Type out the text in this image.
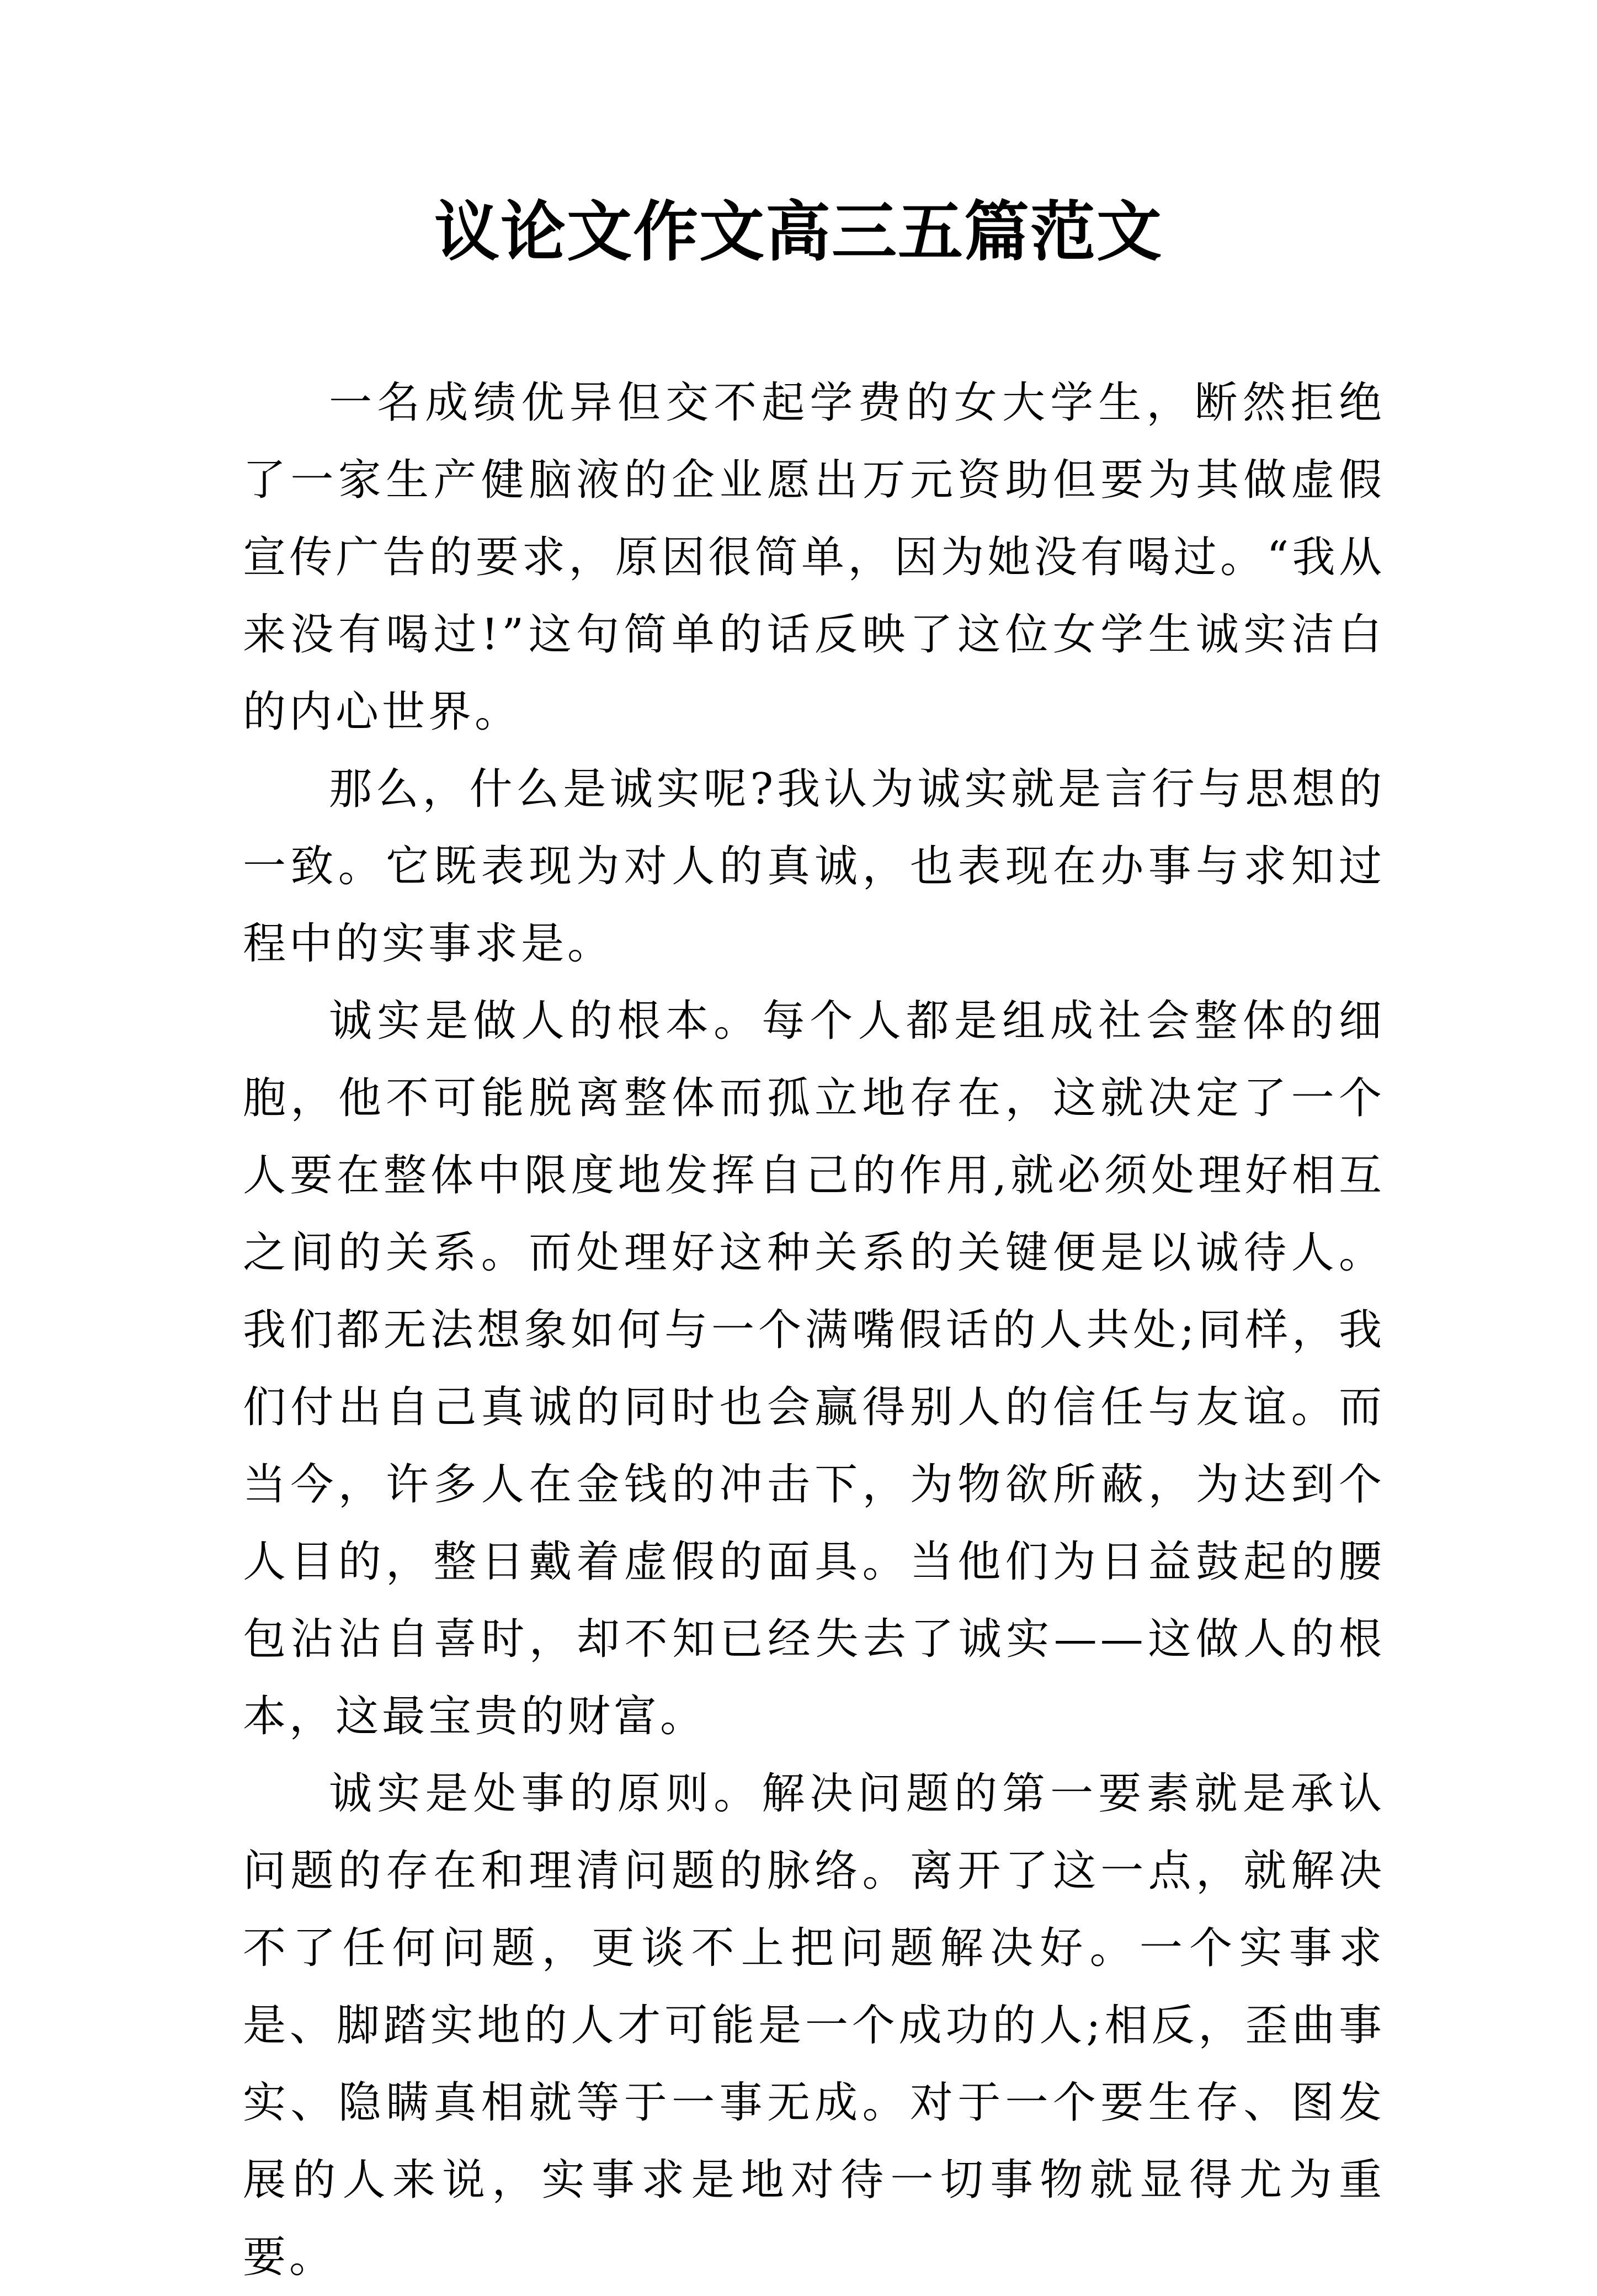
议论文作文高三五篇范文

一名成绩优异但交不起学费的女大学生，断然拒绝了一家生产健脑液的企业愿出万元资助但要为其做虚假宣传广告的要求，原因很简单，因为她没有喝过。“我从来没有喝过!”这句简单的话反映了这位女学生诚实洁白的内心世界。

那么，什么是诚实呢?我认为诚实就是言行与思想的一致。它既表现为对人的真诚，也表现在办事与求知过程中的实事求是。

诚实是做人的根本。每个人都是组成社会整体的细胞，他不可能脱离整体而孤立地存在，这就决定了一个人要在整体中限度地发挥自己的作用,就必须处理好相互之间的关系。而处理好这种关系的关键便是以诚待人。我们都无法想象如何与一个满嘴假话的人共处;同样，我们付出自己真诚的同时也会赢得别人的信任与友谊。而当今，许多人在金钱的冲击下，为物欲所蔽，为达到个人目的，整日戴着虚假的面具。当他们为日益鼓起的腰包沾沾自喜时，却不知已经失去了诚实——这做人的根本，这最宝贵的财富。

诚实是处事的原则。解决问题的第一要素就是承认问题的存在和理清问题的脉络。离开了这一点，就解决不了任何问题，更谈不上把问题解决好。一个实事求是、脚踏实地的人才可能是一个成功的人;相反，歪曲事实、隐瞒真相就等于一事无成。对于一个要生存、图发展的人来说，实事求是地对待一切事物就显得尤为重要。
